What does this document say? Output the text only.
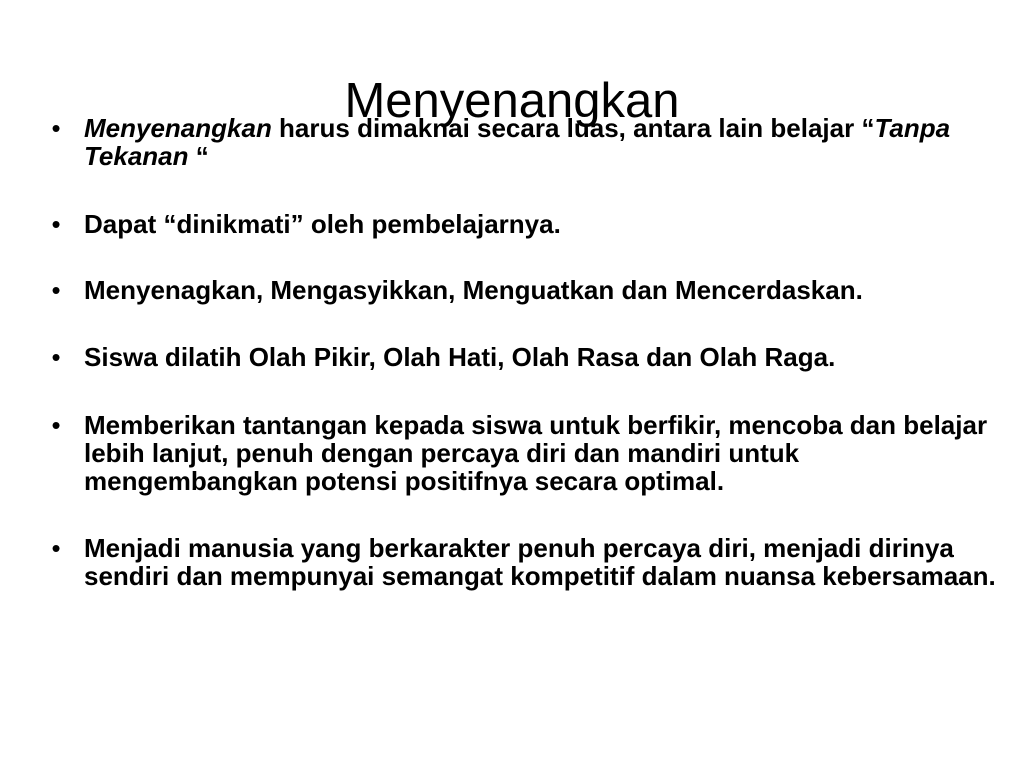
Menyenangkan
• Menyenangkan harus dimaknai secara luas, antara lain belajar “Tanpa Tekanan “
• Dapat “dinikmati” oleh pembelajarnya.
• Menyenagkan, Mengasyikkan, Menguatkan dan Mencerdaskan.
• Siswa dilatih Olah Pikir, Olah Hati, Olah Rasa dan Olah Raga.
• Memberikan tantangan kepada siswa untuk berfikir, mencoba dan belajar lebih lanjut, penuh dengan percaya diri dan mandiri untuk mengembangkan potensi positifnya secara optimal.
• Menjadi manusia yang berkarakter penuh percaya diri, menjadi dirinya sendiri dan mempunyai semangat kompetitif dalam nuansa kebersamaan.
